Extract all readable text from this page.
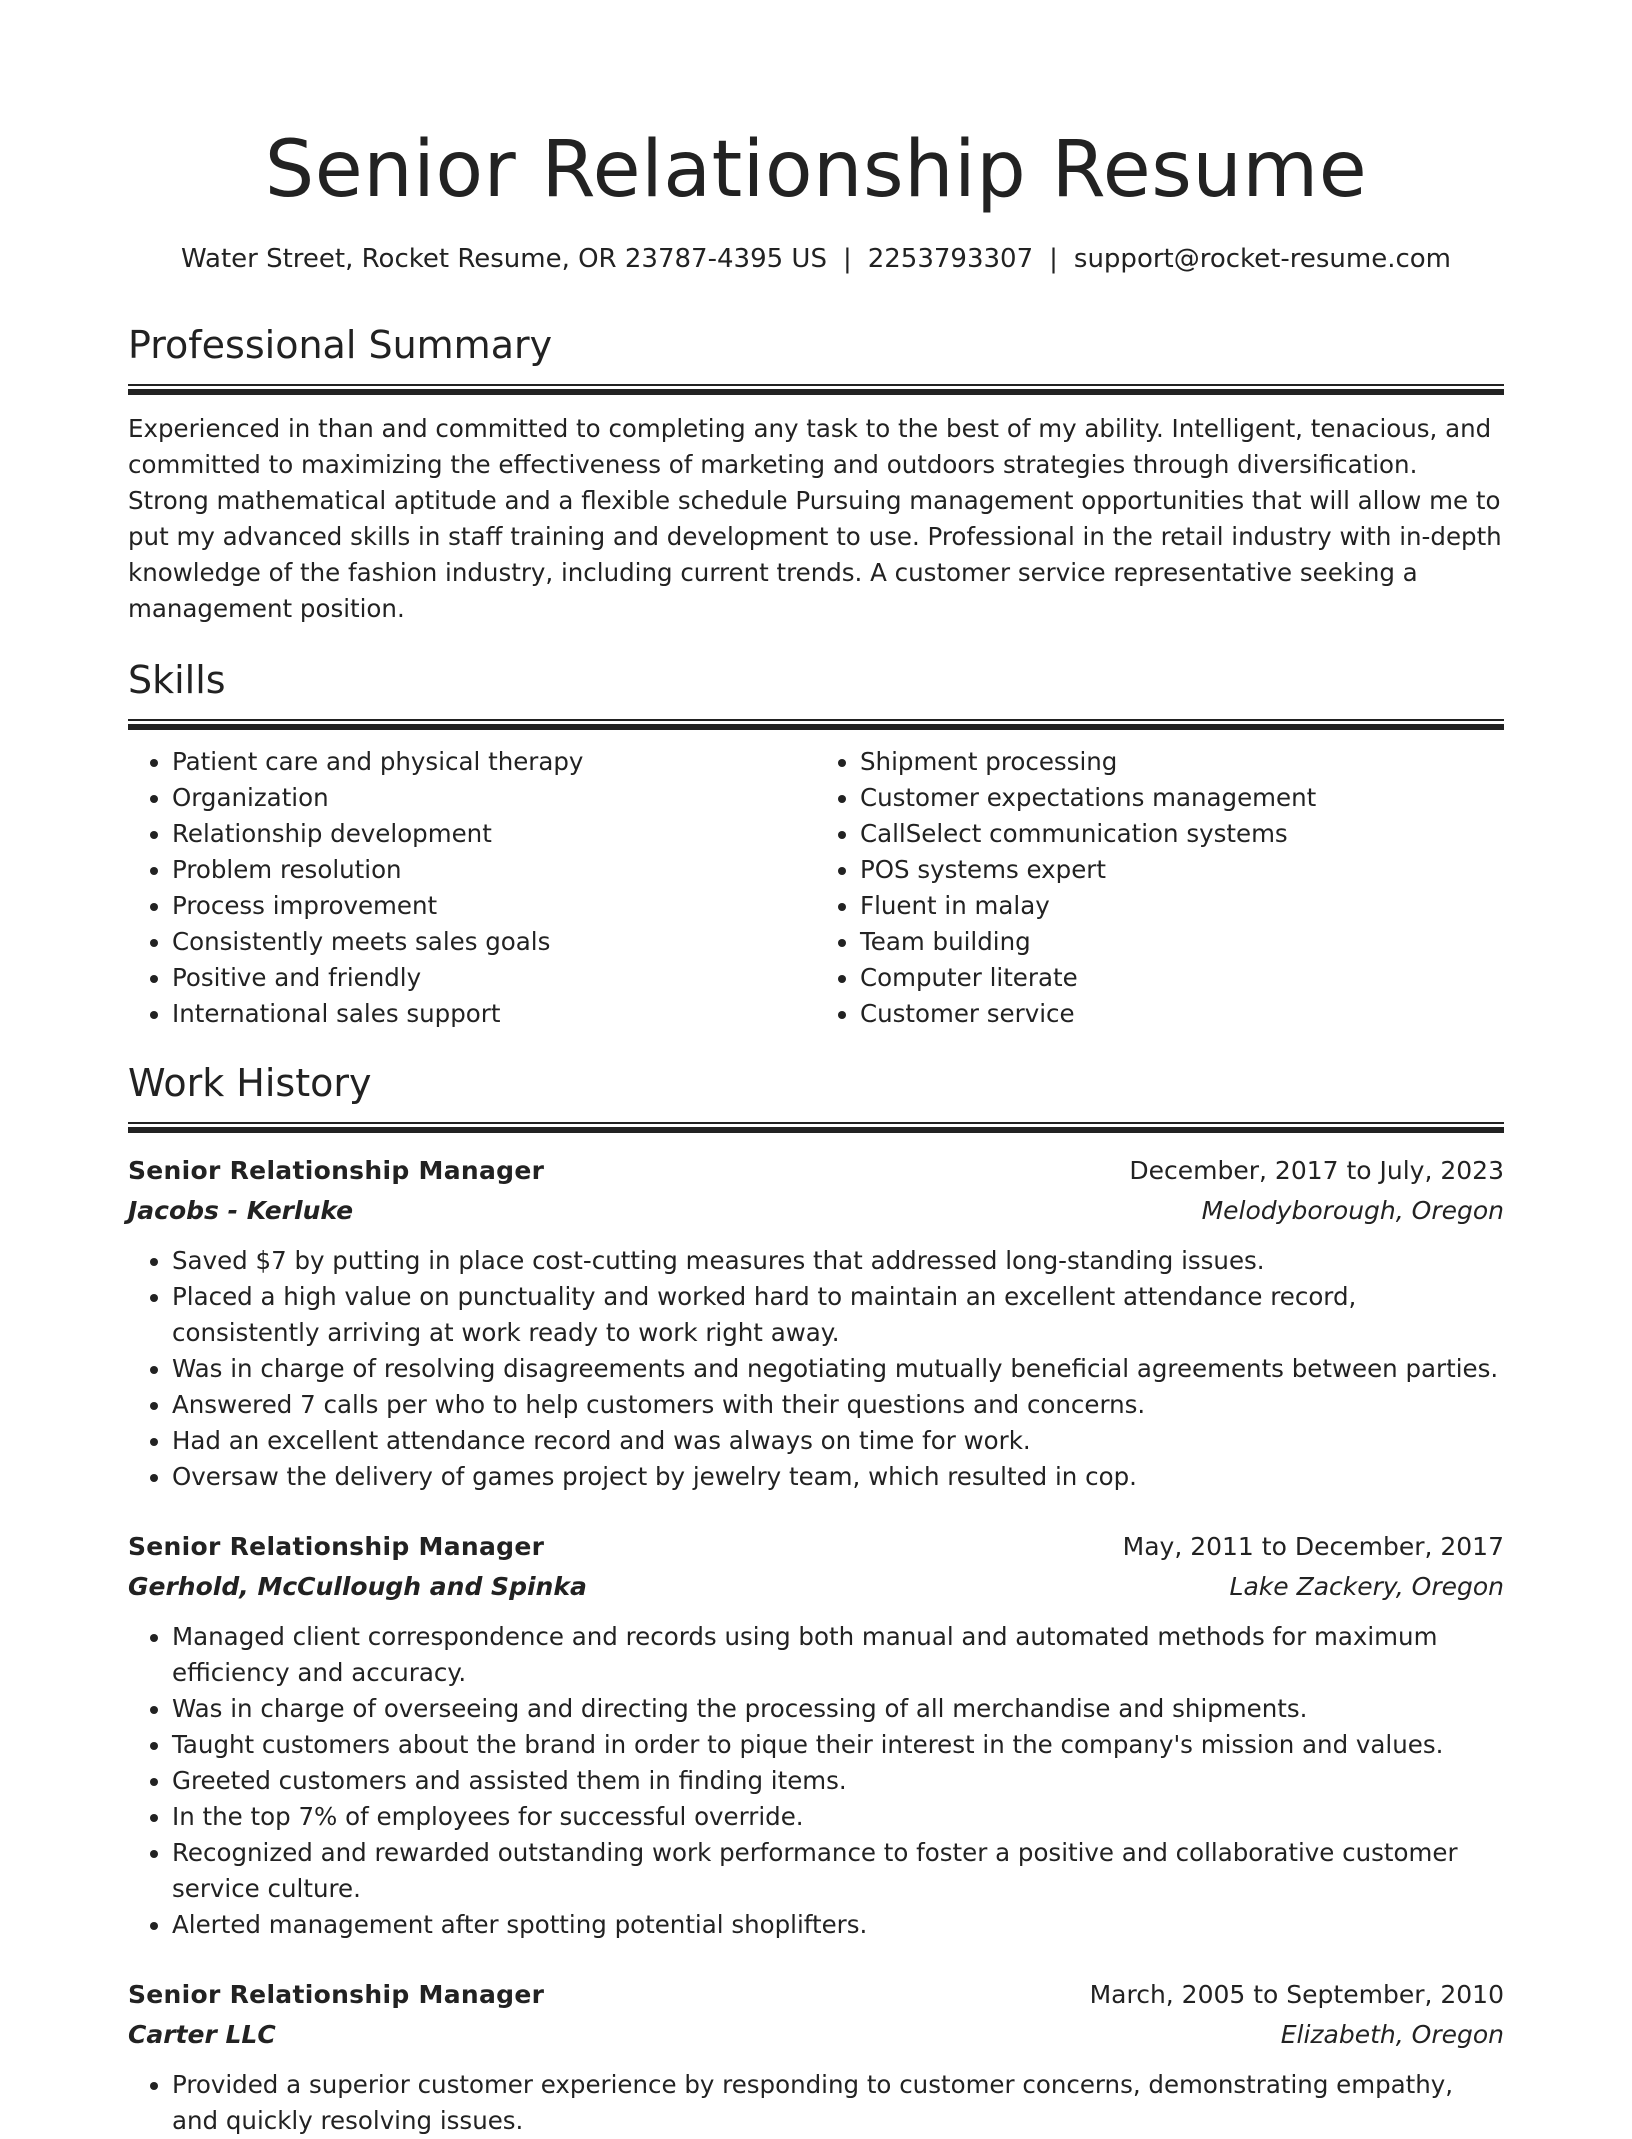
Senior Relationship Resume
Water Street, Rocket Resume, OR 23787-4395 US | 2253793307 | support@rocket-resume.com
Professional Summary
Experienced in than and committed to completing any task to the best of my ability. Intelligent, tenacious, and committed to maximizing the effectiveness of marketing and outdoors strategies through diversification. Strong mathematical aptitude and a flexible schedule Pursuing management opportunities that will allow me to put my advanced skills in staff training and development to use. Professional in the retail industry with in-depth knowledge of the fashion industry, including current trends. A customer service representative seeking a management position.
Skills
• Patient care and physical therapy
• Organization
• Relationship development
• Problem resolution
• Process improvement
• Consistently meets sales goals
• Positive and friendly
• International sales support
• Shipment processing
• Customer expectations management
• CallSelect communication systems
• POS systems expert
• Fluent in malay
• Team building
• Computer literate
• Customer service
Work History
Senior Relationship Manager	December, 2017 to July, 2023
Jacobs - Kerluke	Melodyborough, Oregon
• Saved $7 by putting in place cost-cutting measures that addressed long-standing issues.
• Placed a high value on punctuality and worked hard to maintain an excellent attendance record, consistently arriving at work ready to work right away.
• Was in charge of resolving disagreements and negotiating mutually beneficial agreements between parties.
• Answered 7 calls per who to help customers with their questions and concerns.
• Had an excellent attendance record and was always on time for work.
• Oversaw the delivery of games project by jewelry team, which resulted in cop.
Senior Relationship Manager	May, 2011 to December, 2017
Gerhold, McCullough and Spinka	Lake Zackery, Oregon
• Managed client correspondence and records using both manual and automated methods for maximum efficiency and accuracy.
• Was in charge of overseeing and directing the processing of all merchandise and shipments.
• Taught customers about the brand in order to pique their interest in the company's mission and values.
• Greeted customers and assisted them in finding items.
• In the top 7% of employees for successful override.
• Recognized and rewarded outstanding work performance to foster a positive and collaborative customer service culture.
• Alerted management after spotting potential shoplifters.
Senior Relationship Manager	March, 2005 to September, 2010
Carter LLC	Elizabeth, Oregon
• Provided a superior customer experience by responding to customer concerns, demonstrating empathy, and quickly resolving issues.
